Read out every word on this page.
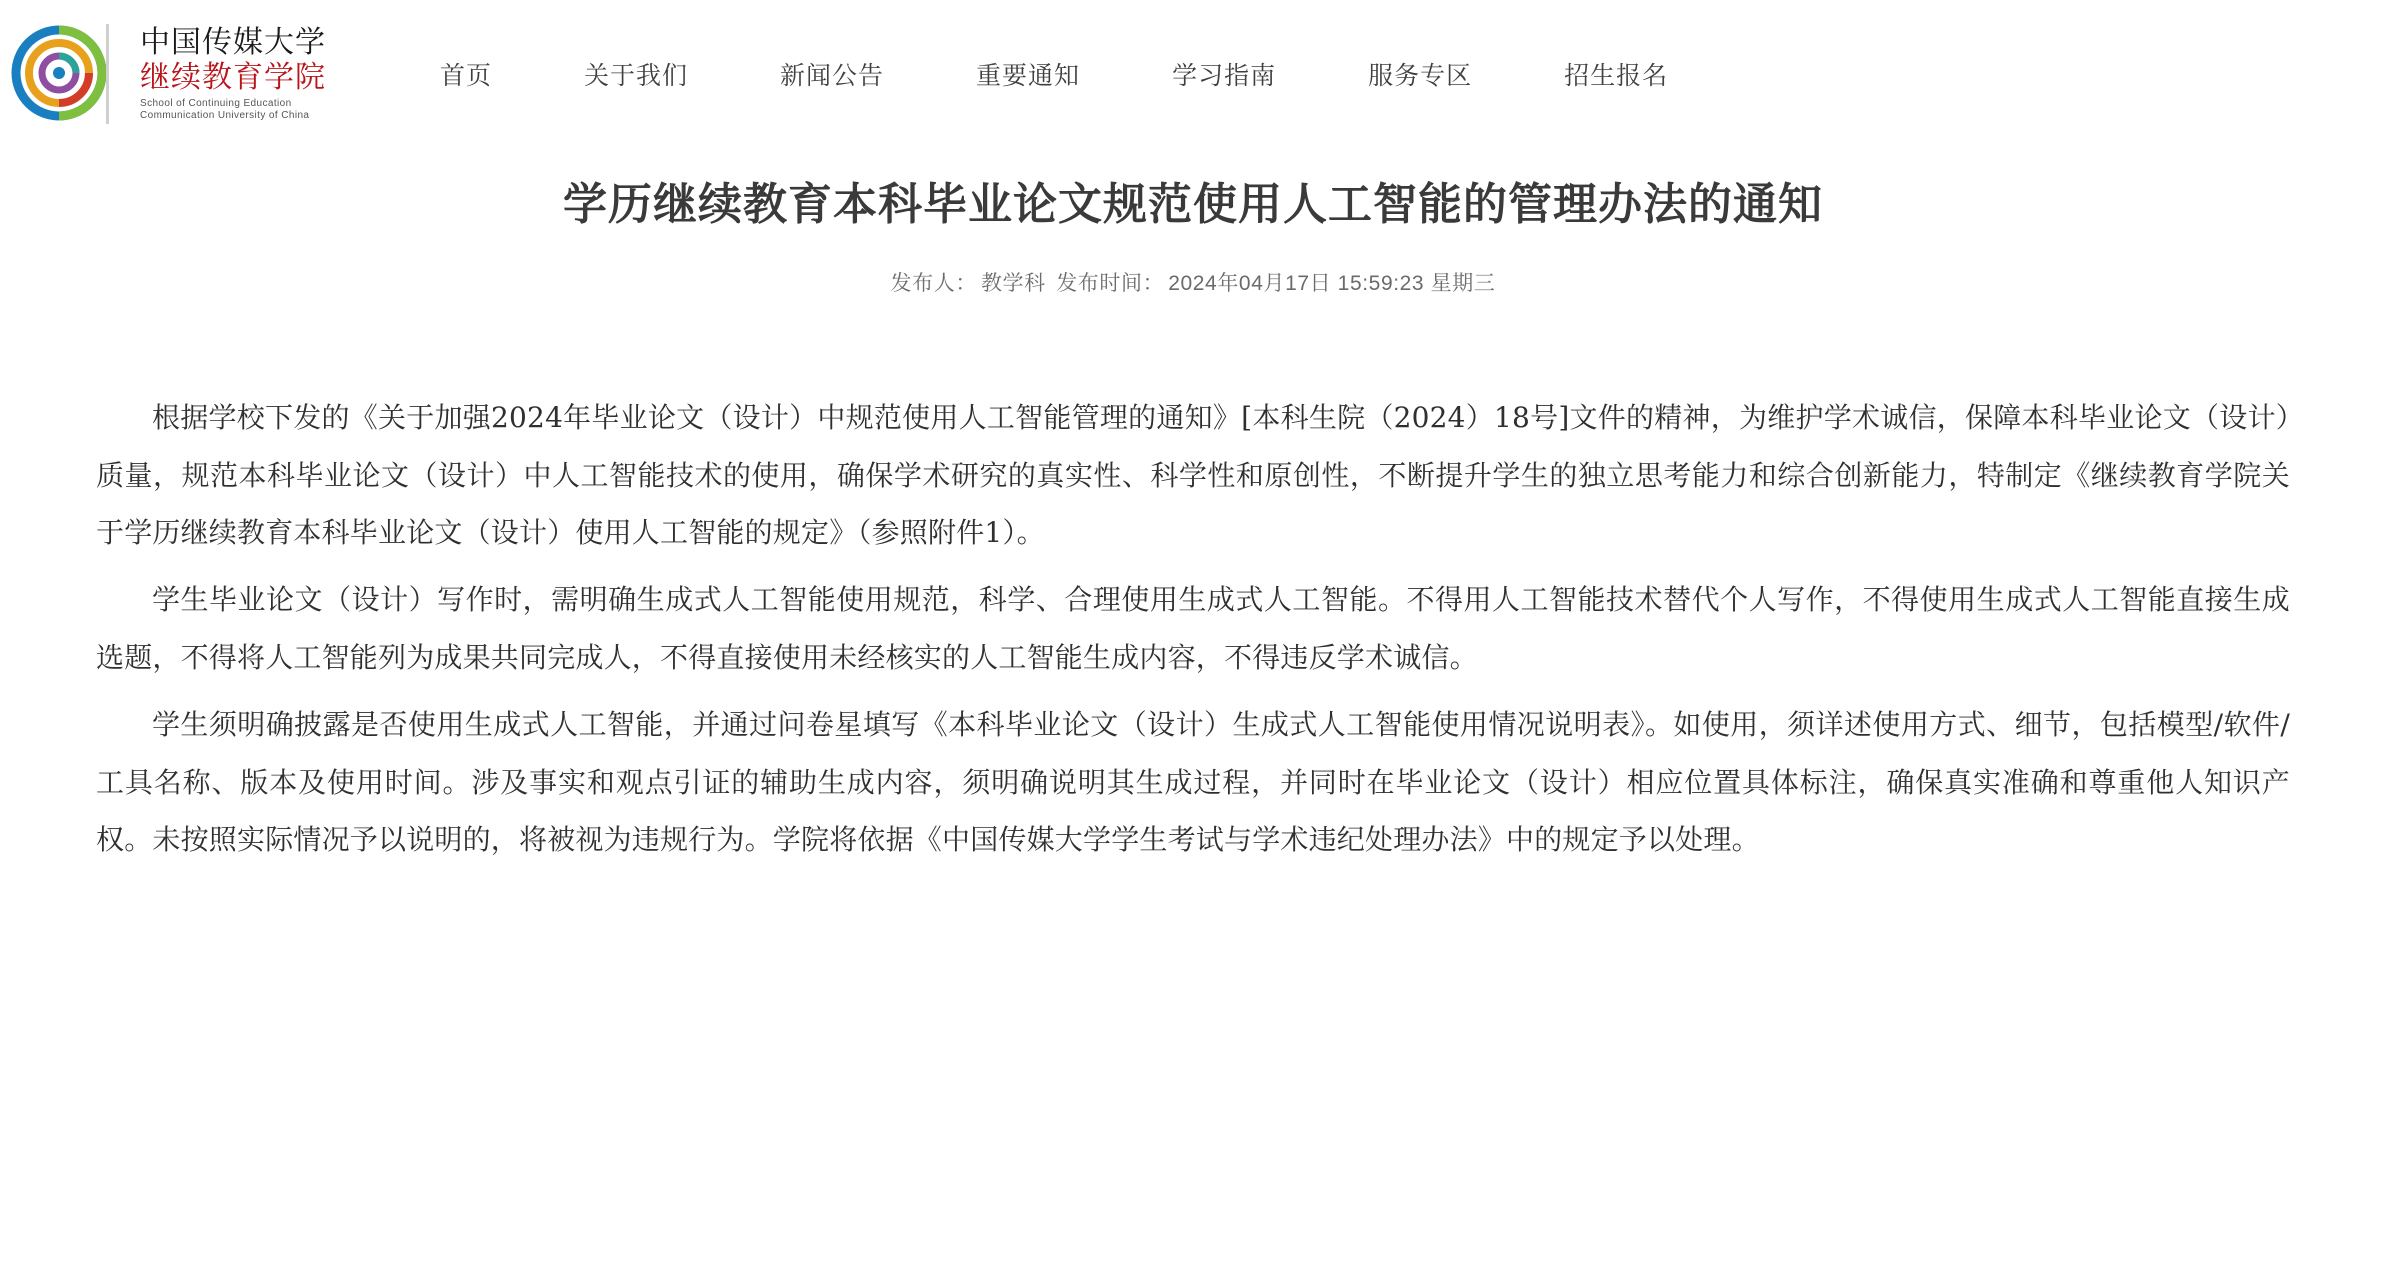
中国传媒大学
继续教育学院
School of Continuing Education
Communication University of China
首页	关于我们	新闻公告	重要通知	学习指南	服务专区	招生报名
学历继续教育本科毕业论文规范使用人工智能的管理办法的通知
发布人： 教学科 发布时间： 2024年04月17日 15:59:23 星期三

根据学校下发的《关于加强2024年毕业论文（设计）中规范使用人工智能管理的通知》[本科生院（2024）18号]文件的精神，为维护学术诚信，保障本科毕业论文（设计）质量，规范本科毕业论文（设计）中人工智能技术的使用，确保学术研究的真实性、科学性和原创性，不断提升学生的独立思考能力和综合创新能力，特制定《继续教育学院关于学历继续教育本科毕业论文（设计）使用人工智能的规定》（参照附件1）。

学生毕业论文（设计）写作时，需明确生成式人工智能使用规范，科学、合理使用生成式人工智能。不得用人工智能技术替代个人写作，不得使用生成式人工智能直接生成选题，不得将人工智能列为成果共同完成人，不得直接使用未经核实的人工智能生成内容，不得违反学术诚信。

学生须明确披露是否使用生成式人工智能，并通过问卷星填写《本科毕业论文（设计）生成式人工智能使用情况说明表》。如使用，须详述使用方式、细节，包括模型/软件/工具名称、版本及使用时间。涉及事实和观点引证的辅助生成内容，须明确说明其生成过程，并同时在毕业论文（设计）相应位置具体标注，确保真实准确和尊重他人知识产权。未按照实际情况予以说明的，将被视为违规行为。学院将依据《中国传媒大学学生考试与学术违纪处理办法》中的规定予以处理。
